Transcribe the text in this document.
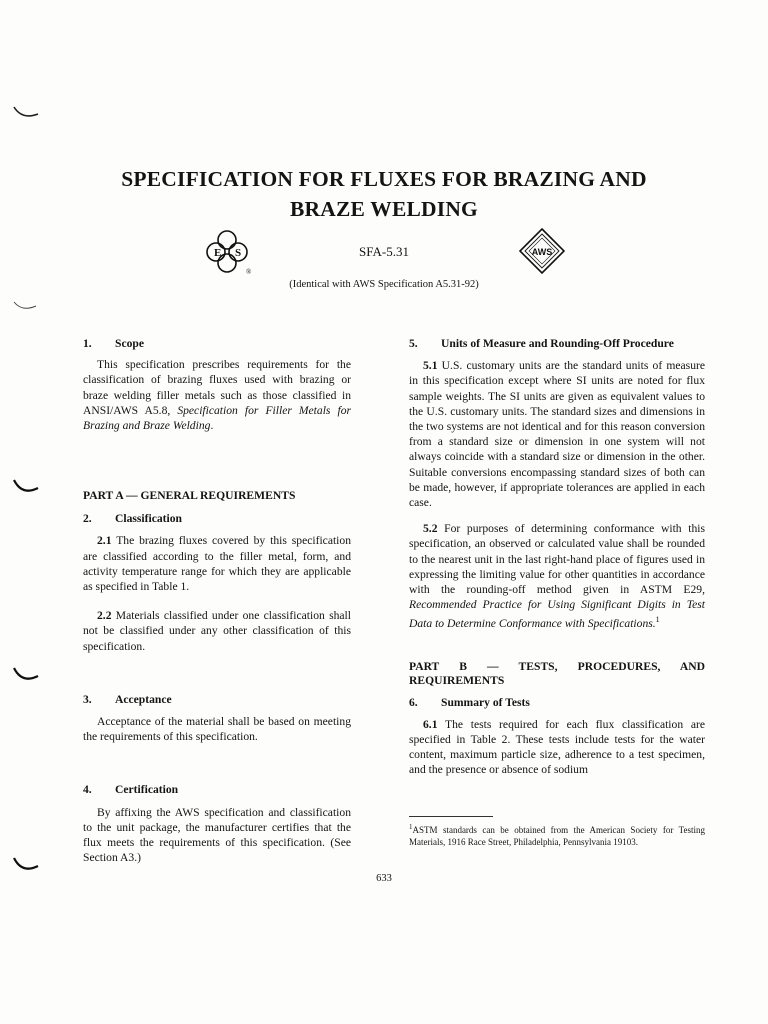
SPECIFICATION FOR FLUXES FOR BRAZING AND
BRAZE WELDING
E S
®
SFA-5.31	AWS
(Identical with AWS Specification A5.31-92)
1.	Scope

This specification prescribes requirements for the classification of brazing fluxes used with brazing or braze welding filler metals such as those classified in ANSI/AWS A5.8, Specification for Filler Metals for Brazing and Braze Welding.

PART A — GENERAL REQUIREMENTS
2.	Classification

2.1 The brazing fluxes covered by this specification are classified according to the filler metal, form, and activity temperature range for which they are applicable as specified in Table 1.

2.2 Materials classified under one classification shall not be classified under any other classification of this specification.

3.	Acceptance

Acceptance of the material shall be based on meeting the requirements of this specification.

4.	Certification

By affixing the AWS specification and classification to the unit package, the manufacturer certifies that the flux meets the requirements of this specification. (See Section A3.)

5.	Units of Measure and Rounding-Off Procedure

5.1 U.S. customary units are the standard units of measure in this specification except where SI units are noted for flux sample weights. The SI units are given as equivalent values to the U.S. customary units. The standard sizes and dimensions in the two systems are not identical and for this reason conversion from a standard size or dimension in one system will not always coincide with a standard size or dimension in the other. Suitable conversions encompassing standard sizes of both can be made, however, if appropriate tolerances are applied in each case.

5.2 For purposes of determining conformance with this specification, an observed or calculated value shall be rounded to the nearest unit in the last right-hand place of figures used in expressing the limiting value for other quantities in accordance with the rounding-off method given in ASTM E29, Recommended Practice for Using Significant Digits in Test Data to Determine Conformance with Specifications.$^1$

PART B — TESTS, PROCEDURES, AND REQUIREMENTS
6.	Summary of Tests

6.1 The tests required for each flux classification are specified in Table 2. These tests include tests for the water content, maximum particle size, adherence to a test specimen, and the presence or absence of sodium

$^1$ASTM standards can be obtained from the American Society for Testing Materials, 1916 Race Street, Philadelphia, Pennsylvania 19103.
633
